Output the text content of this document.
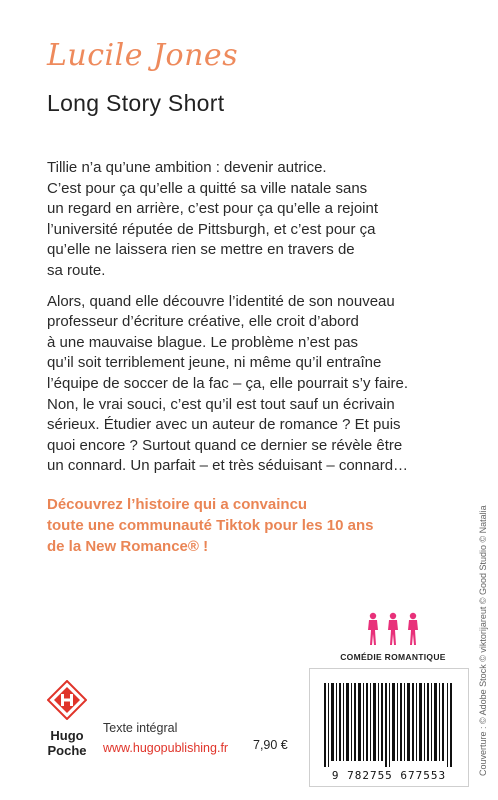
Lucile Jones
Long Story Short

Tillie n’a qu’une ambition : devenir autrice.
C’est pour ça qu’elle a quitté sa ville natale sans
un regard en arrière, c’est pour ça qu’elle a rejoint
l’université réputée de Pittsburgh, et c’est pour ça
qu’elle ne laissera rien se mettre en travers de
sa route.

Alors, quand elle découvre l’identité de son nouveau
professeur d’écriture créative, elle croit d’abord
à une mauvaise blague. Le problème n’est pas
qu’il soit terriblement jeune, ni même qu’il entraîne
l’équipe de soccer de la fac – ça, elle pourrait s’y faire.
Non, le vrai souci, c’est qu’il est tout sauf un écrivain
sérieux. Étudier avec un auteur de romance ? Et puis
quoi encore ? Surtout quand ce dernier se révèle être
un connard. Un parfait – et très séduisant – connard…

Découvrez l’histoire qui a convaincu
toute une communauté Tiktok pour les 10 ans
de la New Romance® !
COMÉDIE ROMANTIQUE
9 782755 677553
Hugo
Poche
Texte intégral
www.hugopublishing.fr 7,90 €	Couverture : © Adobe Stock © viktorijareut © Good Studio © Natalia
